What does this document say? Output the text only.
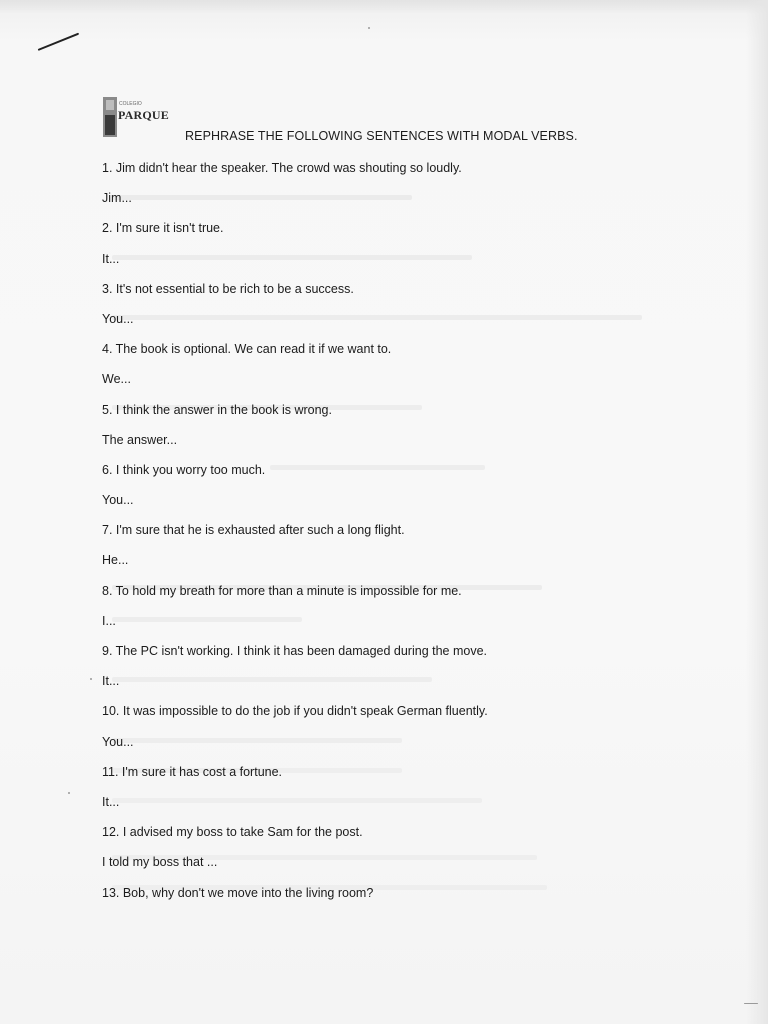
COLEGIO
PARQUE
REPHRASE THE FOLLOWING SENTENCES WITH MODAL VERBS.
1. Jim didn't hear the speaker. The crowd was shouting so loudly.
Jim...
2. I'm sure it isn't true.
It...
3. It's not essential to be rich to be a success.
You...
4. The book is optional. We can read it if we want to.
We...
5. I think the answer in the book is wrong.
The answer...
6. I think you worry too much.
You...
7. I'm sure that he is exhausted after such a long flight.
He...
8. To hold my breath for more than a minute is impossible for me.
I...
9. The PC isn't working. I think it has been damaged during the move.
It...
10. It was impossible to do the job if you didn't speak German fluently.
You...
11. I'm sure it has cost a fortune.
It...
12. I advised my boss to take Sam for the post.
I told my boss that ...
13. Bob, why don't we move into the living room?
